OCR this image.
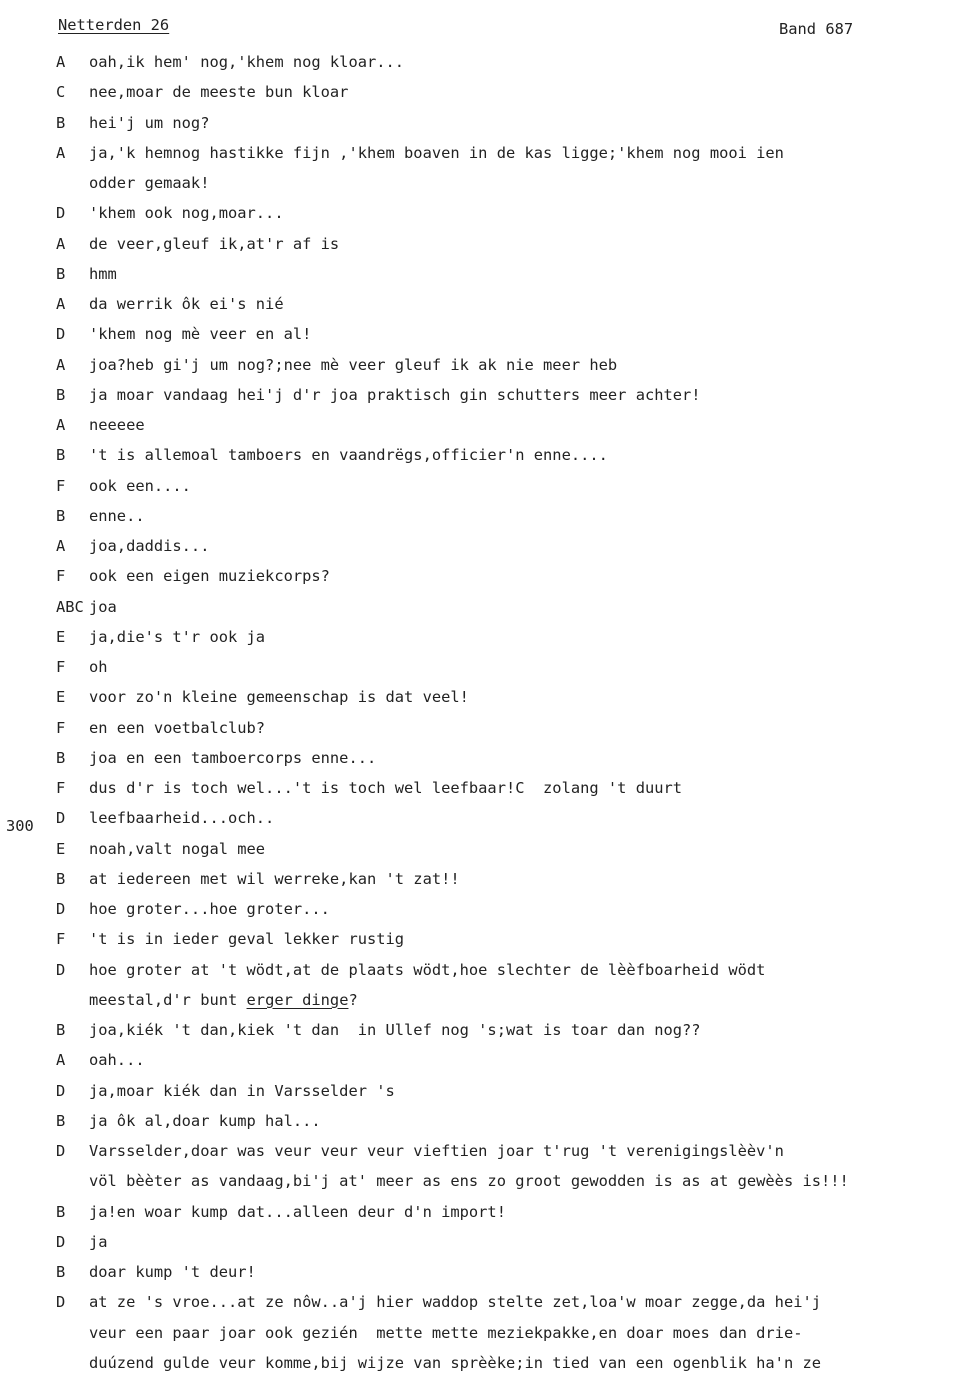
Netterden 26	Band 687
A oah,ik hem' nog,'khem nog kloar...
C nee,moar de meeste bun kloar
B hei'j um nog?
A ja,'k hemnog hastikke fijn ,'khem boaven in de kas ligge;'khem nog mooi ien
odder gemaak!
D 'khem ook nog,moar...
A de veer,gleuf ik,at'r af is
B hmm
A da werrik ôk ei's nié
D 'khem nog mè veer en al!
A joa?heb gi'j um nog?;nee mè veer gleuf ik ak nie meer heb
B ja moar vandaag hei'j d'r joa praktisch gin schutters meer achter!
A neeeee
B 't is allemoal tamboers en vaandrëgs,officier'n enne....
F ook een....
B enne..
A joa,daddis...
F ook een eigen muziekcorps?
ABC joa
E ja,die's t'r ook ja
F oh
E voor zo'n kleine gemeenschap is dat veel!
F en een voetbalclub?
B joa en een tamboercorps enne...
F dus d'r is toch wel...'t is toch wel leefbaar!C  zolang 't duurt
300 D leefbaarheid...och..
E noah,valt nogal mee
B at iedereen met wil werreke,kan 't zat!!
D hoe groter...hoe groter...
F 't is in ieder geval lekker rustig
D hoe groter at 't wödt,at de plaats wödt,hoe slechter de lèèfboarheid wödt
meestal,d'r bunt erger dinge?
B joa,kiék 't dan,kiek 't dan  in Ullef nog 's;wat is toar dan nog??
A oah...
D ja,moar kiék dan in Varsselder 's
B ja ôk al,doar kump hal...
D Varsselder,doar was veur veur veur vieftien joar t'rug 't verenigingslèèv'n
völ bèèter as vandaag,bi'j at' meer as ens zo groot gewodden is as at gewèès is!!!
B ja!en woar kump dat...alleen deur d'n import!
D ja
B doar kump 't deur!
D at ze 's vroe...at ze nôw..a'j hier waddop stelte zet,loa'w moar zegge,da hei'j
veur een paar joar ook gezién  mette mette meziekpakke,en doar moes dan drie-
duúzend gulde veur komme,bij wijze van sprèèke;in tied van een ogenblik ha'n ze
